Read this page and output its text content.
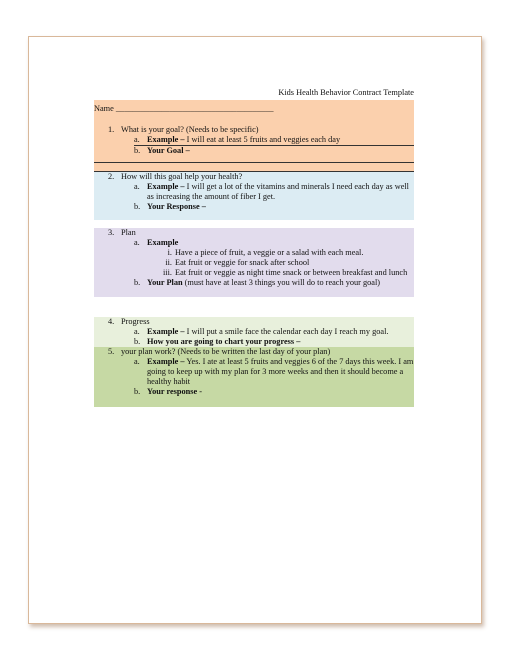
Kids Health Behavior Contract Template
Name ______________________________________
1. What is your goal? (Needs to be specific)
a. Example – I will eat at least 5 fruits and veggies each day
b. Your Goal –
2. How will this goal help your health?
a. Example – I will get a lot of the vitamins and minerals I need each day as well as increasing the amount of fiber I get.
b. Your Response –
3. Plan
a. Example
i. Have a piece of fruit, a veggie or a salad with each meal.
ii. Eat fruit or veggie for snack after school
iii. Eat fruit or veggie as night time snack or between breakfast and lunch
b. Your Plan (must have at least 3 things you will do to reach your goal)
4. Progress
a. Example – I will put a smile face the calendar each day I reach my goal.
b. How you are going to chart your progress –
5. your plan work? (Needs to be written the last day of your plan)
a. Example – Yes. I ate at least 5 fruits and veggies 6 of the 7 days this week. I am going to keep up with my plan for 3 more weeks and then it should become a healthy habit
b. Your response -
